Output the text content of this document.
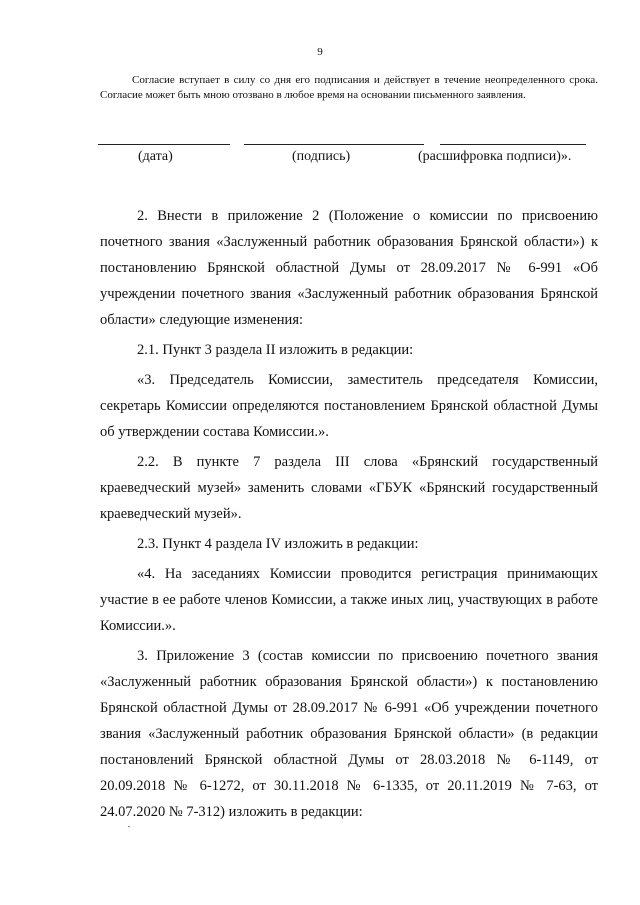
9

Согласие вступает в силу со дня его подписания и действует в течение неопределенного срока. Согласие может быть мною отозвано в любое время на основании письменного заявления.

(дата)	(подпись)	(расшифровка подписи)».

2. Внести в приложение 2 (Положение о комиссии по присвоению почетного звания «Заслуженный работник образования Брянской области») к постановлению Брянской областной Думы от 28.09.2017 № 6-991 «Об учреждении почетного звания «Заслуженный работник образования Брянской области» следующие изменения:

2.1. Пункт 3 раздела II изложить в редакции:

«3. Председатель Комиссии, заместитель председателя Комиссии, секретарь Комиссии определяются постановлением Брянской областной Думы об утверждении состава Комиссии.».

2.2. В пункте 7 раздела III слова «Брянский государственный краеведческий музей» заменить словами «ГБУК «Брянский государственный краеведческий музей».

2.3. Пункт 4 раздела IV изложить в редакции:

«4. На заседаниях Комиссии проводится регистрация принимающих участие в ее работе членов Комиссии, а также иных лиц, участвующих в работе Комиссии.».

3. Приложение 3 (состав комиссии по присвоению почетного звания «Заслуженный работник образования Брянской области») к постановлению Брянской областной Думы от 28.09.2017 № 6-991 «Об учреждении почетного звания «Заслуженный работник образования Брянской области» (в редакции постановлений Брянской областной Думы от 28.03.2018 № 6-1149, от 20.09.2018 № 6-1272, от 30.11.2018 № 6-1335, от 20.11.2019 № 7-63, от 24.07.2020 № 7-312) изложить в редакции:
